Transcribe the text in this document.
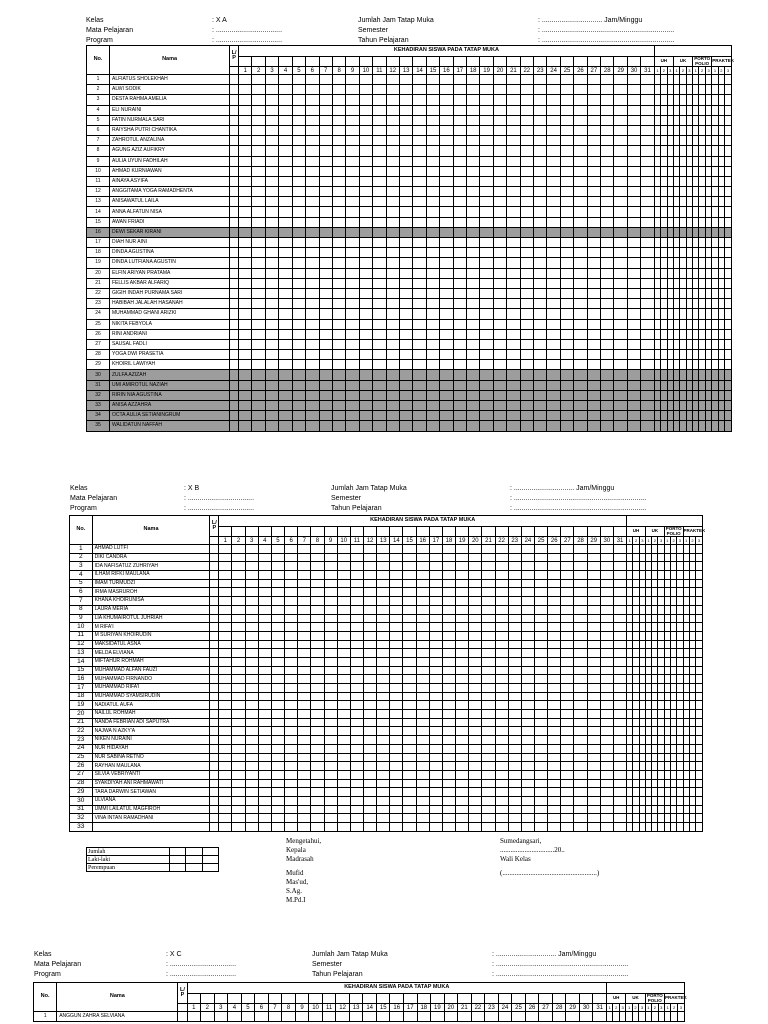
Kelas
Mata Pelajaran
Program
: X A
: ..................................
: ..................................
Jumlah Jam Tatap Muka
Semester
Tahun Pelajaran
: ............................... Jam/Minggu
: ....................................................................
: ....................................................................
No.	Nama	L/ P	KEHADIRAN SISWA PADA TATAP MUKA																																										
																																		UH			UK			PORTO POLIO			PRAKTEK		
			1	2	3	4	5	6	7	8	9	10	11	12	13	14	15	16	17	18	19	20	21	22	23	24	25	26	27	28	29	30	31	1	2	3	1	2	3	1	2	3	1	2	3
1	ALFIATUS SHOLEKHAH																																												
2	ALWI SODIK																																												
3	DESTA RAHMA AMELIA																																												
4	ELI NURAINI																																												
5	FATIN NURMALA SARI																																												
6	RAIYSHA PUTRI CHANTIKA																																												
7	ZAHROTUL ANZALINA																																												
8	AGUNG AZIZ AUFIKRY																																												
9	AULIA UYUN FADHILAH																																												
10	AHMAD KURNIAWAN																																												
11	AINAYA ASYIFA																																												
12	ANGGITAMA YOGA RAMADHENTA																																												
13	ANISAWATUL LAILA																																												
14	ANNA ALFATUN NISA																																												
15	AWAN FRIADI																																												
16	DEWI SEKAR KIRANI																																												
17	DIAH NUR AINI																																												
18	DINDA AGUSTINA																																												
19	DINDA LUTFIANA AGUSTIN																																												
20	ELFIN ARIYAN PRATAMA																																												
21	FELLIS AKBAR ALFARIQ																																												
22	GIGIH INDAH PURNAMA SARI																																												
23	HABIBAH JALALAH HASANAH																																												
24	MUHAMMAD GHANI ARIZKI																																												
25	NIKITA FEBYOLA																																												
26	RINI ANDRIANI																																												
27	SAUSAL FADLI																																												
28	YOGA DWI PRASETIA																																												
29	KHOIRIL LAWIYAH																																												
30	ZULFA AZIZAH																																												
31	UMI AMIROTUL NAZIAH																																												
32	RIRIN NIA AGUSTINA																																												
33	ANISA AZZAHRA																																												
34	OCTA AULIA SETIANINGRUM																																												
35	WALIDATUN NAFFAH																																												
Kelas
Mata Pelajaran
Program
: X B
: ..................................
: ..................................
Jumlah Jam Tatap Muka
Semester
Tahun Pelajaran
: ............................... Jam/Minggu
: ....................................................................
: ....................................................................
No.	Nama	L/ P	KEHADIRAN SISWA PADA TATAP MUKA																																										
																																		UH			UK			PORTO POLIO			PRAKTEK		
			1	2	3	4	5	6	7	8	9	10	11	12	13	14	15	16	17	18	19	20	21	22	23	24	25	26	27	28	29	30	31	1	2	3	1	2	3	1	2	3	1	2	3
1	AHMAD LUTFI																																												
2	DIKI CANDRA																																												
3	IDA NAFISATUZ ZUHRIYAH																																												
4	ILHAM RIFKI MAULANA																																												
5	IMAM TURMUDZI																																												
6	IRMA MASRUROH																																												
7	KHANA KHOIRUNISA																																												
8	LAURA MERIA																																												
9	LIA KHUMAIROTUL JUHRIAH																																												
10	M RIFA'I																																												
11	M SURIYAN KHOIRUDIN																																												
12	MAKSIDATUL ASNA																																												
13	MELDA ELVIANA																																												
14	MIFTAHUR ROHMAH																																												
15	MUHAMMAD ALFAN FAUZI																																												
16	MUHAMMAD FIRNANDO																																												
17	MUHAMMAD RIFA'I																																												
18	MUHAMMAD SYAMSIRUDIN																																												
19	NADIATUL AUFA																																												
20	NAILUL ROHMAH																																												
21	NANDA FEBRIAN ADI SAPUTRA																																												
22	NAJWA N AZKY'A																																												
23	NIKEN NURAINI																																												
24	NUR HIDAYAH																																												
25	NUR SABINA RETNO																																												
26	RAYHAN MAULANA																																												
27	SILVIA VEBRIYANTI																																												
28	SYAKDIYAH ANI RAHMAWATI																																												
29	TARA DARWIN SETIAWAN																																												
30	ULVIANA																																												
31	UMMI LAILATUL MAGFIROH																																												
32	VINA INTAN RAMADHANI																																												
33																																													
Jumlah			
Laki-laki			
Perempuan			
Mengetahui,
Kepala Madrasah
Mufid Mas'ud, S.Ag. M.Pd.I
Sumedangsari, ...............................20..
Wali Kelas
(......................................................)
Kelas
Mata Pelajaran
Program
: X C
: ..................................
: ..................................
Jumlah Jam Tatap Muka
Semester
Tahun Pelajaran
: ............................... Jam/Minggu
: ....................................................................
: ....................................................................
No.	Nama	L/ P	KEHADIRAN SISWA PADA TATAP MUKA																																										
																																		UH			UK			PORTO POLIO			PRAKTEK		
			1	2	3	4	5	6	7	8	9	10	11	12	13	14	15	16	17	18	19	20	21	22	23	24	25	26	27	28	29	30	31	1	2	3	1	2	3	1	2	3	1	2	3
1	ANGGUN ZAHRA SELVIANA																																												
